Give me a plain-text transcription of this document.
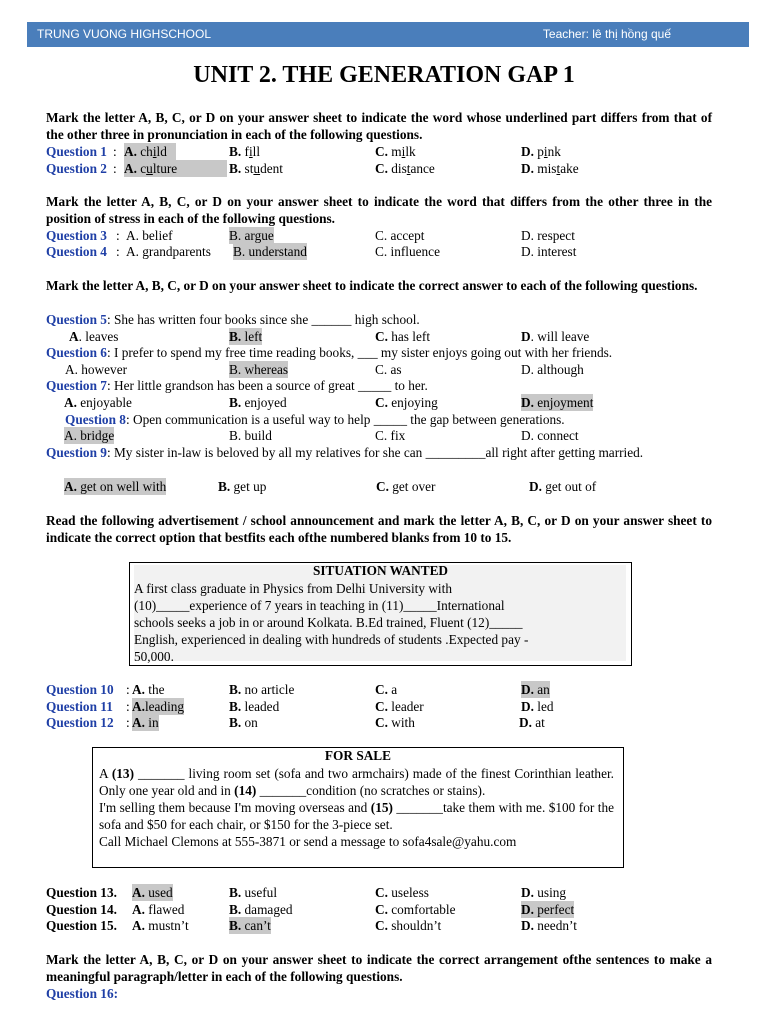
TRUNG VUONG HIGHSCHOOL	Teacher: lê thị hồng quế
UNIT 2. THE GENERATION GAP 1
Mark the letter A, B, C, or D on your answer sheet to indicate the word whose underlined part differs from that of the other three in pronunciation in each of the following questions.
Question 1 : A. child	B. fill	C. milk	D. pink
Question 2 : A. culture	B. student	C. distance	D. mistake
Mark the letter A, B, C, or D on your answer sheet to indicate the word that differs from the other three in the position of stress in each of the following questions.
Question 3 : A. belief	B. argue	C. accept	D. respect
Question 4 : A. grandparents B. understand	C. influence	D. interest
Mark the letter A, B, C, or D on your answer sheet to indicate the correct answer to each of the following questions.
Question 5: She has written four books since she ______ high school.
A. leaves	B. left	C. has left	D. will leave
Question 6: I prefer to spend my free time reading books, ___ my sister enjoys going out with her friends.
A. however	B. whereas	C. as	D. although
Question 7: Her little grandson has been a source of great _____ to her.
A. enjoyable	B. enjoyed	C. enjoying	D. enjoyment
Question 8: Open communication is a useful way to help _____ the gap between generations.
A. bridge	B. build	C. fix	D. connect
Question 9: My sister in-law is beloved by all my relatives for she can _________all right after getting married.
A. get on well with	B. get up	C. get over	D. get out of
Read the following advertisement / school announcement and mark the letter A, B, C, or D on your answer sheet to indicate the correct option that bestfits each ofthe numbered blanks from 10 to 15.
SITUATION WANTED
A first class graduate in Physics from Delhi University with
(10)_____experience of 7 years in teaching in (11)_____International
schools seeks a job in or around Kolkata. B.Ed trained, Fluent (12)_____
English, experienced in dealing with hundreds of students .Expected pay -
50,000.
Question 10 : A. the	B. no article	C. a	D. an
Question 11 : A.leading	B. leaded	C. leader	D. led
Question 12 : A. in	B. on	C. with	D. at
FOR SALE
A (13) _______ living room set (sofa and two armchairs) made of the finest Corinthian leather. Only one year old and in (14) _______condition (no scratches or stains).
I'm selling them because I'm moving overseas and (15) _______take them with me. $100 for the sofa and $50 for each chair, or $150 for the 3-piece set.
Call Michael Clemons at 555-3871 or send a message to sofa4sale@yahu.com
Question 13. A. used	B. useful	C. useless	D. using
Question 14. A. flawed	B. damaged	C. comfortable	D. perfect
Question 15. A. mustn’t	B. can’t	C. shouldn’t	D. needn’t
Mark the letter A, B, C, or D on your answer sheet to indicate the correct arrangement ofthe sentences to make a meaningful paragraph/letter in each of the following questions.
Question 16:
